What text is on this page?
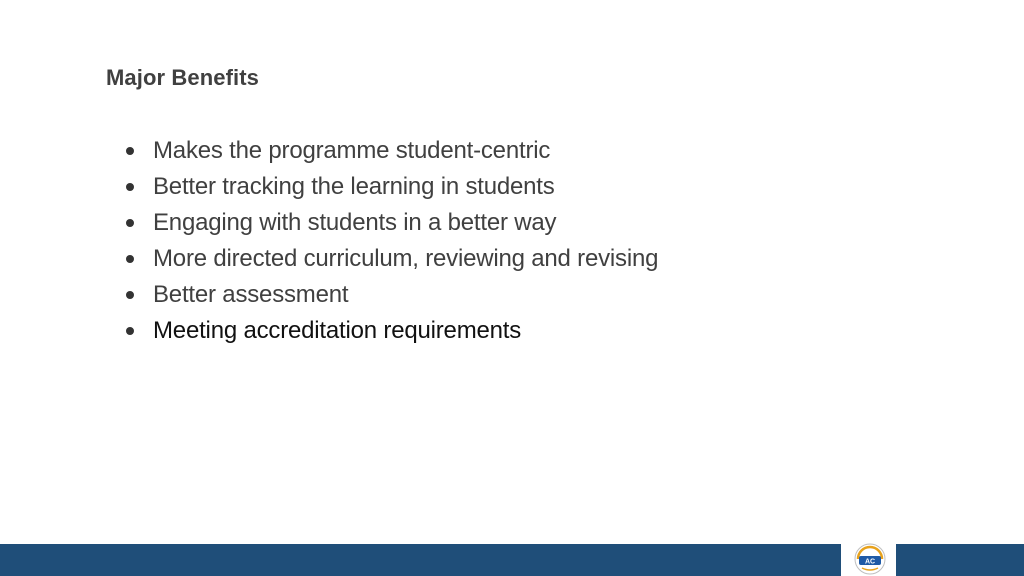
Major Benefits
Makes the programme student-centric
Better tracking the learning in students
Engaging with students in a better way
More directed curriculum, reviewing and revising
Better assessment
Meeting accreditation requirements
AC
